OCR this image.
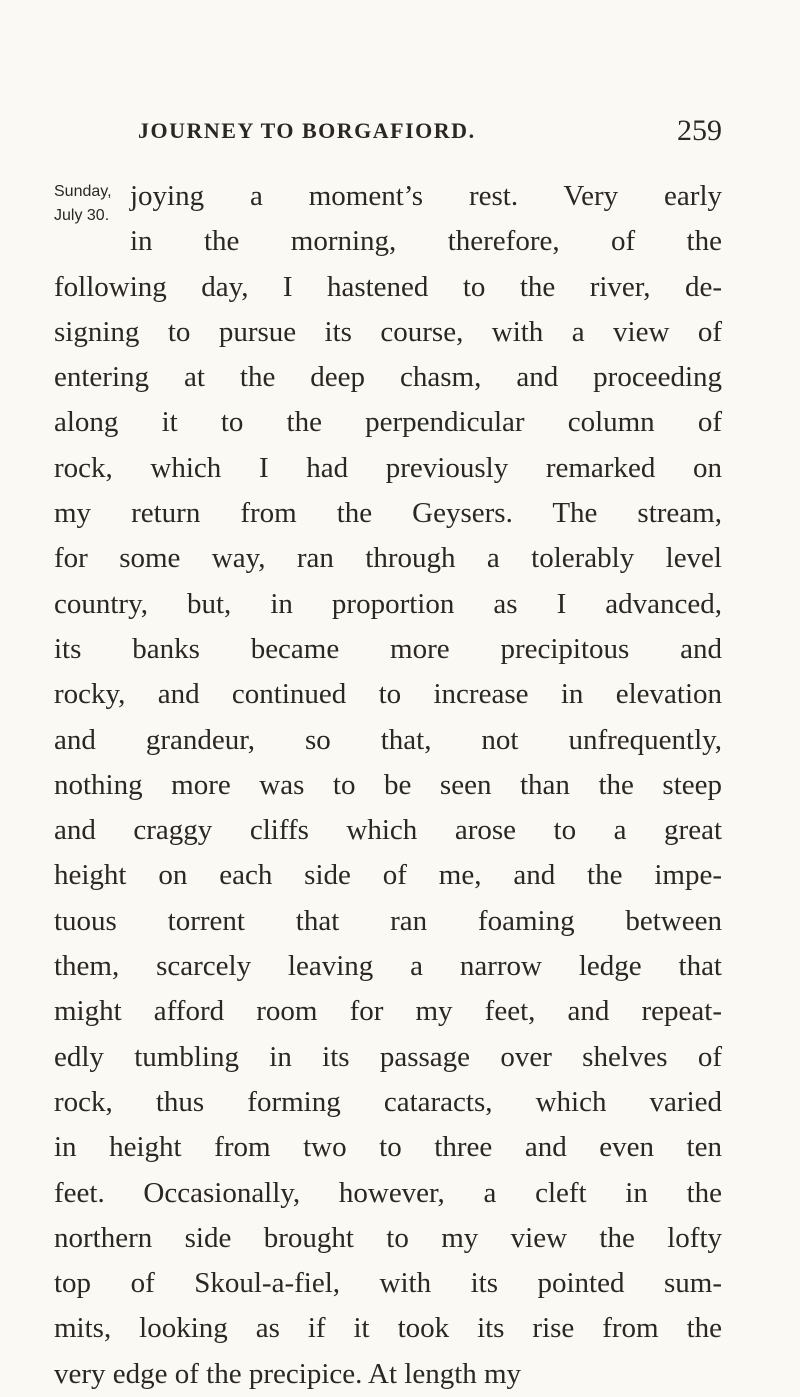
JOURNEY TO BORGAFIORD.	259
Sunday,
July 30.
joying a moment’s rest. Very early
in the morning, therefore, of the
following day, I hastened to the river, de-
signing to pursue its course, with a view of
entering at the deep chasm, and proceeding
along it to the perpendicular column of
rock, which I had previously remarked on
my return from the Geysers. The stream,
for some way, ran through a tolerably level
country, but, in proportion as I advanced,
its banks became more precipitous and
rocky, and continued to increase in elevation
and grandeur, so that, not unfrequently,
nothing more was to be seen than the steep
and craggy cliffs which arose to a great
height on each side of me, and the impe-
tuous torrent that ran foaming between
them, scarcely leaving a narrow ledge that
might afford room for my feet, and repeat-
edly tumbling in its passage over shelves of
rock, thus forming cataracts, which varied
in height from two to three and even ten
feet. Occasionally, however, a cleft in the
northern side brought to my view the lofty
top of Skoul-a-fiel, with its pointed sum-
mits, looking as if it took its rise from the
very edge of the precipice. At length my
